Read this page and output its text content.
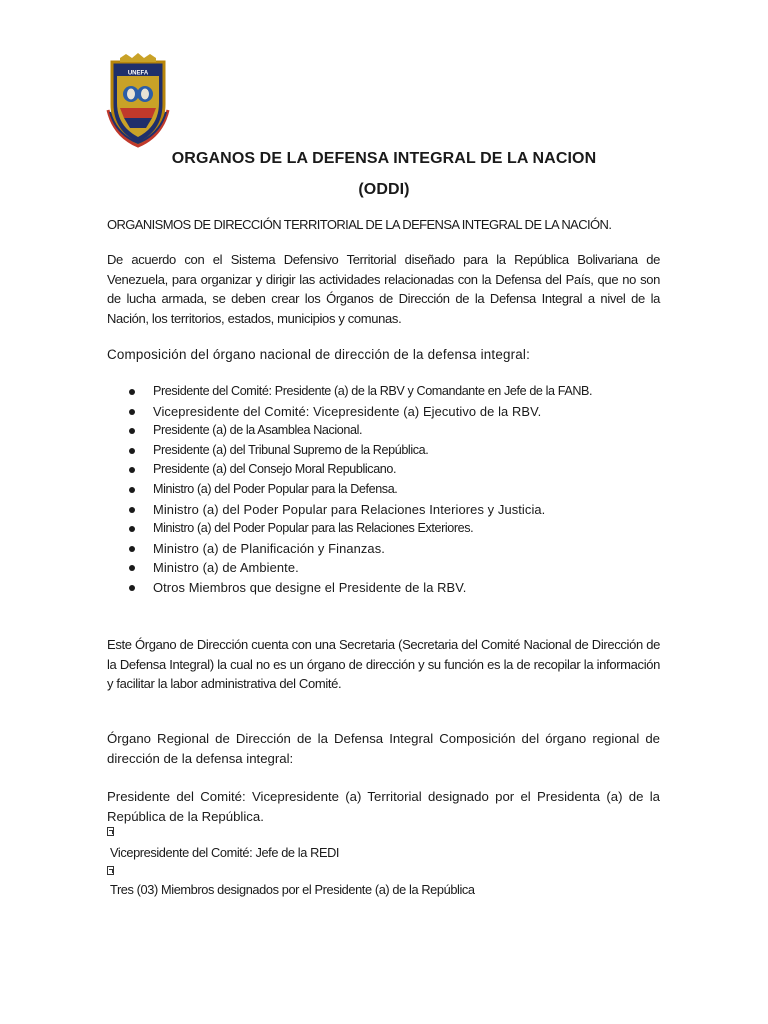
UNEFA
ORGANOS DE LA DEFENSA INTEGRAL DE LA NACION
(ODDI)
ORGANISMOS DE DIRECCIÓN TERRITORIAL DE LA DEFENSA INTEGRAL DE LA NACIÓN.
De acuerdo con el Sistema Defensivo Territorial diseñado para la República Bolivariana de Venezuela, para organizar y dirigir las actividades relacionadas con la Defensa del País, que no son de lucha armada, se deben crear los Órganos de Dirección de la Defensa Integral a nivel de la Nación, los territorios, estados, municipios y comunas.
Composición del órgano nacional de dirección de la defensa integral:
Presidente del Comité: Presidente (a) de la RBV y Comandante en Jefe de la FANB.
Vicepresidente del Comité: Vicepresidente (a) Ejecutivo de la RBV.
Presidente (a) de la Asamblea Nacional.
Presidente (a) del Tribunal Supremo de la República.
Presidente (a) del Consejo Moral Republicano.
Ministro (a) del Poder Popular para la Defensa.
Ministro (a) del Poder Popular para Relaciones Interiores y Justicia.
Ministro (a) del Poder Popular para las Relaciones Exteriores.
Ministro (a) de Planificación y Finanzas.
Ministro (a) de Ambiente.
Otros Miembros que designe el Presidente de la RBV.
Este Órgano de Dirección cuenta con una Secretaria (Secretaria del Comité Nacional de Dirección de la Defensa Integral) la cual no es un órgano de dirección y su función es la de recopilar la información y facilitar la labor administrativa del Comité.
Órgano Regional de Dirección de la Defensa Integral Composición del órgano regional de dirección de la defensa integral:
Presidente del Comité: Vicepresidente (a) Territorial designado por el Presidenta (a) de la República de la República.
Vicepresidente del Comité: Jefe de la REDI
Tres (03) Miembros designados por el Presidente (a) de la República
